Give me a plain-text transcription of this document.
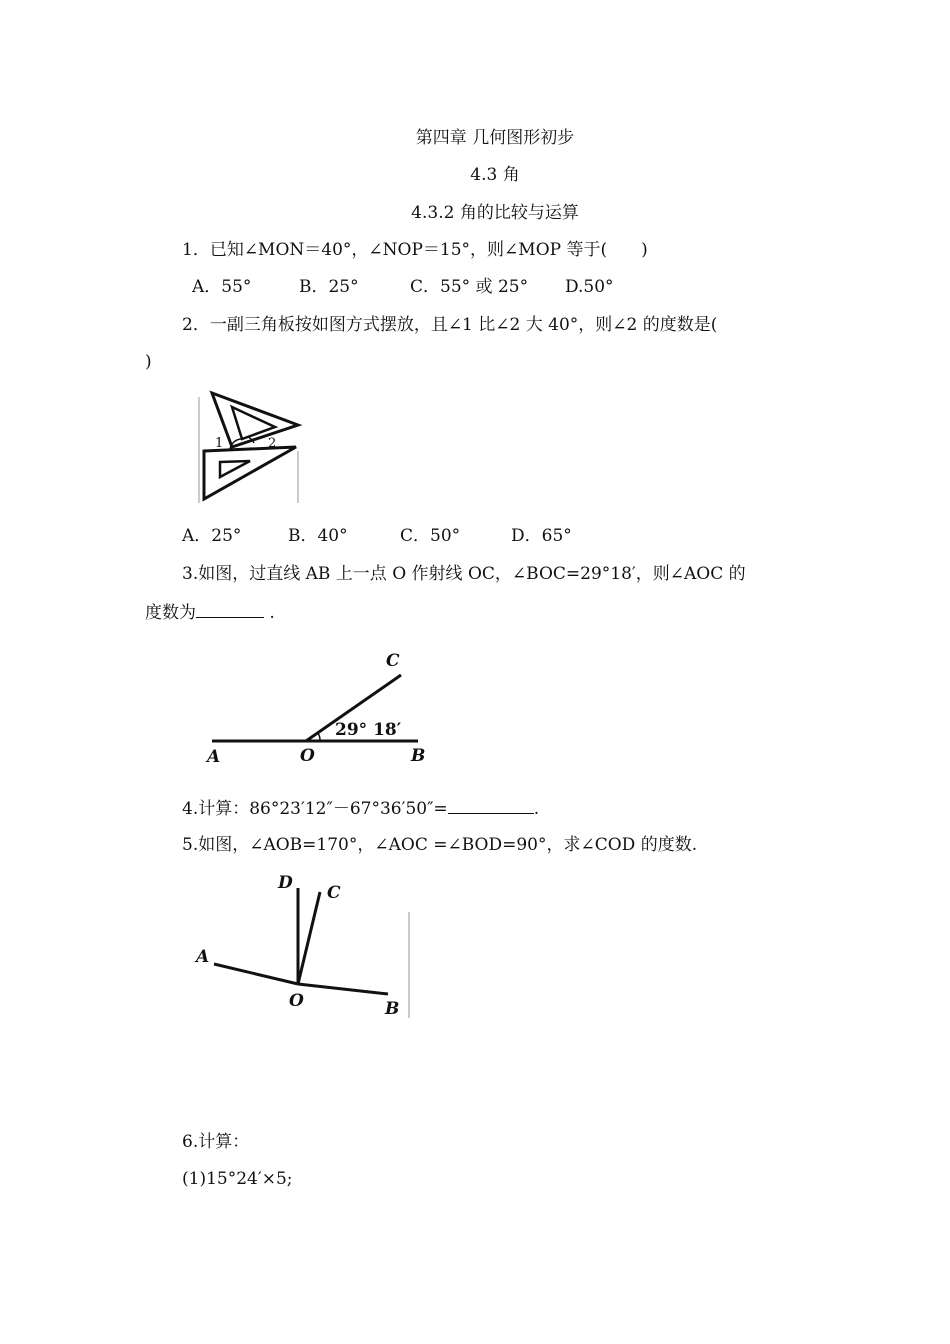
第四章 几何图形初步
4.3 角
4.3.2 角的比较与运算
1．已知∠MON＝40°，∠NOP＝15°，则∠MOP 等于(　　)
A．55°	B．25°	C．55° 或 25° D.50°
2．一副三角板按如图方式摆放，且∠1 比∠2 大 40°，则∠2 的度数是(
)
1	2
A．25°	B．40°	C．50°	D．65°
3.如图，过直线 AB 上一点 O 作射线 OC，∠BOC=29°18′，则∠AOC 的
度数为	.
C
A	O	B
29° 18′
4.计算：86°23′12″－67°36′50″=	.
5.如图，∠AOB=170°，∠AOC =∠BOD=90°，求∠COD 的度数.
D C
A
O	B
6.计算：
(1)15°24′×5;
